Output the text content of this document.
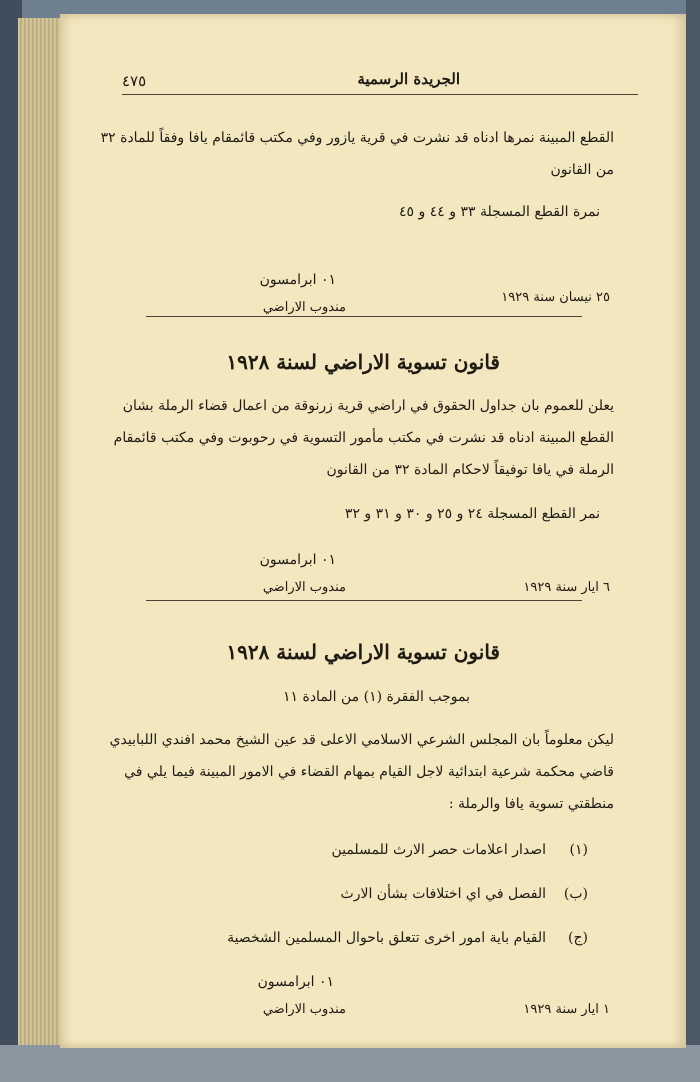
٤٧٥	الجريدة الرسمية
القطع المبينة نمرها ادناه قد نشرت في قرية يازور وفي مكتب قائمقام يافا وفقاً للمادة ٣٢
من القانون
نمرة القطع المسجلة ٣٣ و ٤٤ و ٤٥
٠١ ابرامسون
مندوب الاراضي
٢٥ نيسان سنة ١٩٢٩
قانون تسوية الاراضي لسنة ١٩٢٨
يعلن للعموم بان جداول الحقوق في اراضي قرية زرنوقة من اعمال قضاء الرملة بشان
القطع المبينة ادناه قد نشرت في مكتب مأمور التسوية في رحوبوت وفي مكتب قائمقام
الرملة في يافا توفيقاً لاحكام المادة ٣٢ من القانون
نمر القطع المسجلة ٢٤ و ٢٥ و ٣٠ و ٣١ و ٣٢
٠١ ابرامسون
مندوب الاراضي	٦ ايار سنة ١٩٢٩
قانون تسوية الاراضي لسنة ١٩٢٨
بموجب الفقرة (١) من المادة ١١
ليكن معلوماً بان المجلس الشرعي الاسلامي الاعلى قد عين الشيخ محمد افندي اللبابيدي
قاضي محكمة شرعية ابتدائية لاجل القيام بمهام القضاء في الامور المبينة فيما يلي في
منطقتي تسوية يافا والرملة :
(١)
اصدار اعلامات حصر الارث للمسلمين
(ب)
الفصل في اي اختلافات بشأن الارث
(ج)
القيام باية امور اخرى تتعلق باحوال المسلمين الشخصية
٠١ ابرامسون
مندوب الاراضي	١ ايار سنة ١٩٢٩
